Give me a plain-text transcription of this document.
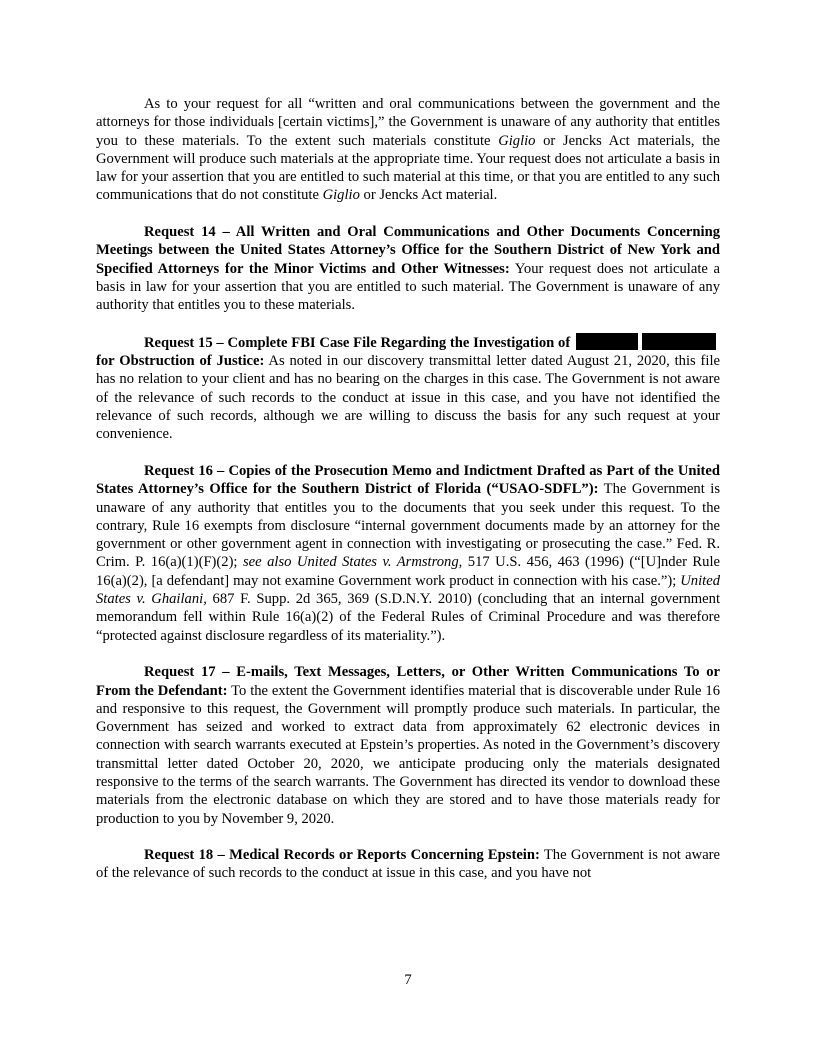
As to your request for all “written and oral communications between the government and the attorneys for those individuals [certain victims],” the Government is unaware of any authority that entitles you to these materials. To the extent such materials constitute Giglio or Jencks Act materials, the Government will produce such materials at the appropriate time. Your request does not articulate a basis in law for your assertion that you are entitled to such material at this time, or that you are entitled to any such communications that do not constitute Giglio or Jencks Act material.

Request 14 – All Written and Oral Communications and Other Documents Concerning Meetings between the United States Attorney’s Office for the Southern District of New York and Specified Attorneys for the Minor Victims and Other Witnesses: Your request does not articulate a basis in law for your assertion that you are entitled to such material. The Government is unaware of any authority that entitles you to these materials.

Request 15 – Complete FBI Case File Regarding the Investigation of for Obstruction of Justice: As noted in our discovery transmittal letter dated August 21, 2020, this file has no relation to your client and has no bearing on the charges in this case. The Government is not aware of the relevance of such records to the conduct at issue in this case, and you have not identified the relevance of such records, although we are willing to discuss the basis for any such request at your convenience.

Request 16 – Copies of the Prosecution Memo and Indictment Drafted as Part of the United States Attorney’s Office for the Southern District of Florida (“USAO-SDFL”): The Government is unaware of any authority that entitles you to the documents that you seek under this request. To the contrary, Rule 16 exempts from disclosure “internal government documents made by an attorney for the government or other government agent in connection with investigating or prosecuting the case.” Fed. R. Crim. P. 16(a)(1)(F)(2); see also United States v. Armstrong, 517 U.S. 456, 463 (1996) (“[U]nder Rule 16(a)(2), [a defendant] may not examine Government work product in connection with his case.”); United States v. Ghailani, 687 F. Supp. 2d 365, 369 (S.D.N.Y. 2010) (concluding that an internal government memorandum fell within Rule 16(a)(2) of the Federal Rules of Criminal Procedure and was therefore “protected against disclosure regardless of its materiality.”).

Request 17 – E-mails, Text Messages, Letters, or Other Written Communications To or From the Defendant: To the extent the Government identifies material that is discoverable under Rule 16 and responsive to this request, the Government will promptly produce such materials. In particular, the Government has seized and worked to extract data from approximately 62 electronic devices in connection with search warrants executed at Epstein’s properties. As noted in the Government’s discovery transmittal letter dated October 20, 2020, we anticipate producing only the materials designated responsive to the terms of the search warrants. The Government has directed its vendor to download these materials from the electronic database on which they are stored and to have those materials ready for production to you by November 9, 2020.

Request 18 – Medical Records or Reports Concerning Epstein: The Government is not aware of the relevance of such records to the conduct at issue in this case, and you have not

7
